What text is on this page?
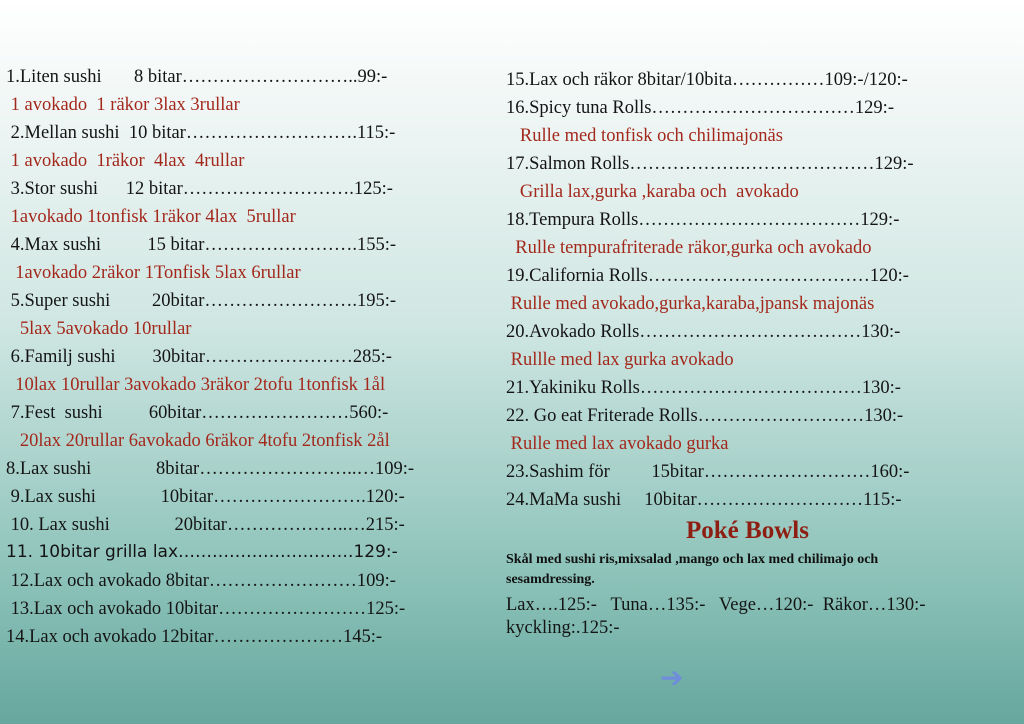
1.Liten sushi       8 bitar………………………..99:-
1 avokado  1 räkor 3lax 3rullar
2.Mellan sushi  10 bitar……………………….115:-
1 avokado  1räkor  4lax  4rullar
3.Stor sushi      12 bitar……………………….125:-
1avokado 1tonfisk 1räkor 4lax  5rullar
4.Max sushi          15 bitar…………………….155:-
1avokado 2räkor 1Tonfisk 5lax 6rullar
5.Super sushi         20bitar…………………….195:-
5lax 5avokado 10rullar
6.Familj sushi        30bitar……………………285:-
10lax 10rullar 3avokado 3räkor 2tofu 1tonfisk 1ål
7.Fest  sushi          60bitar……………………560:-
20lax 20rullar 6avokado 6räkor 4tofu 2tonfisk 2ål
8.Lax sushi              8bitar……………………..…109:-
9.Lax sushi              10bitar…………………….120:-
10. Lax sushi              20bitar………………..…215:-
11. 10bitar grilla lax………………………….129:-
12.Lax och avokado 8bitar……………………109:-
13.Lax och avokado 10bitar……………………125:-
14.Lax och avokado 12bitar…………………145:-
15.Lax och räkor 8bitar/10bita……………109:-/120:-
16.Spicy tuna Rolls……………………………129:-
Rulle med tonfisk och chilimajonäs
17.Salmon Rolls……………….…………………129:-
Grilla lax,gurka ,karaba och  avokado
18.Tempura Rolls………………………………129:-
Rulle tempurafriterade räkor,gurka och avokado
19.California Rolls………………………………120:-
Rulle med avokado,gurka,karaba,jpansk majonäs
20.Avokado Rolls………………………………130:-
Rullle med lax gurka avokado
21.Yakiniku Rolls………………………………130:-
22. Go eat Friterade Rolls………………………130:-
Rulle med lax avokado gurka
23.Sashim för         15bitar………………………160:-
24.MaMa sushi     10bitar………………………115:-
Poké Bowls
Skål med sushi ris,mixsalad ,mango och lax med chilimajo och
sesamdressing.
Lax….125:-   Tuna…135:-   Vege…120:-  Räkor…130:-
kyckling:.125:-
➔
